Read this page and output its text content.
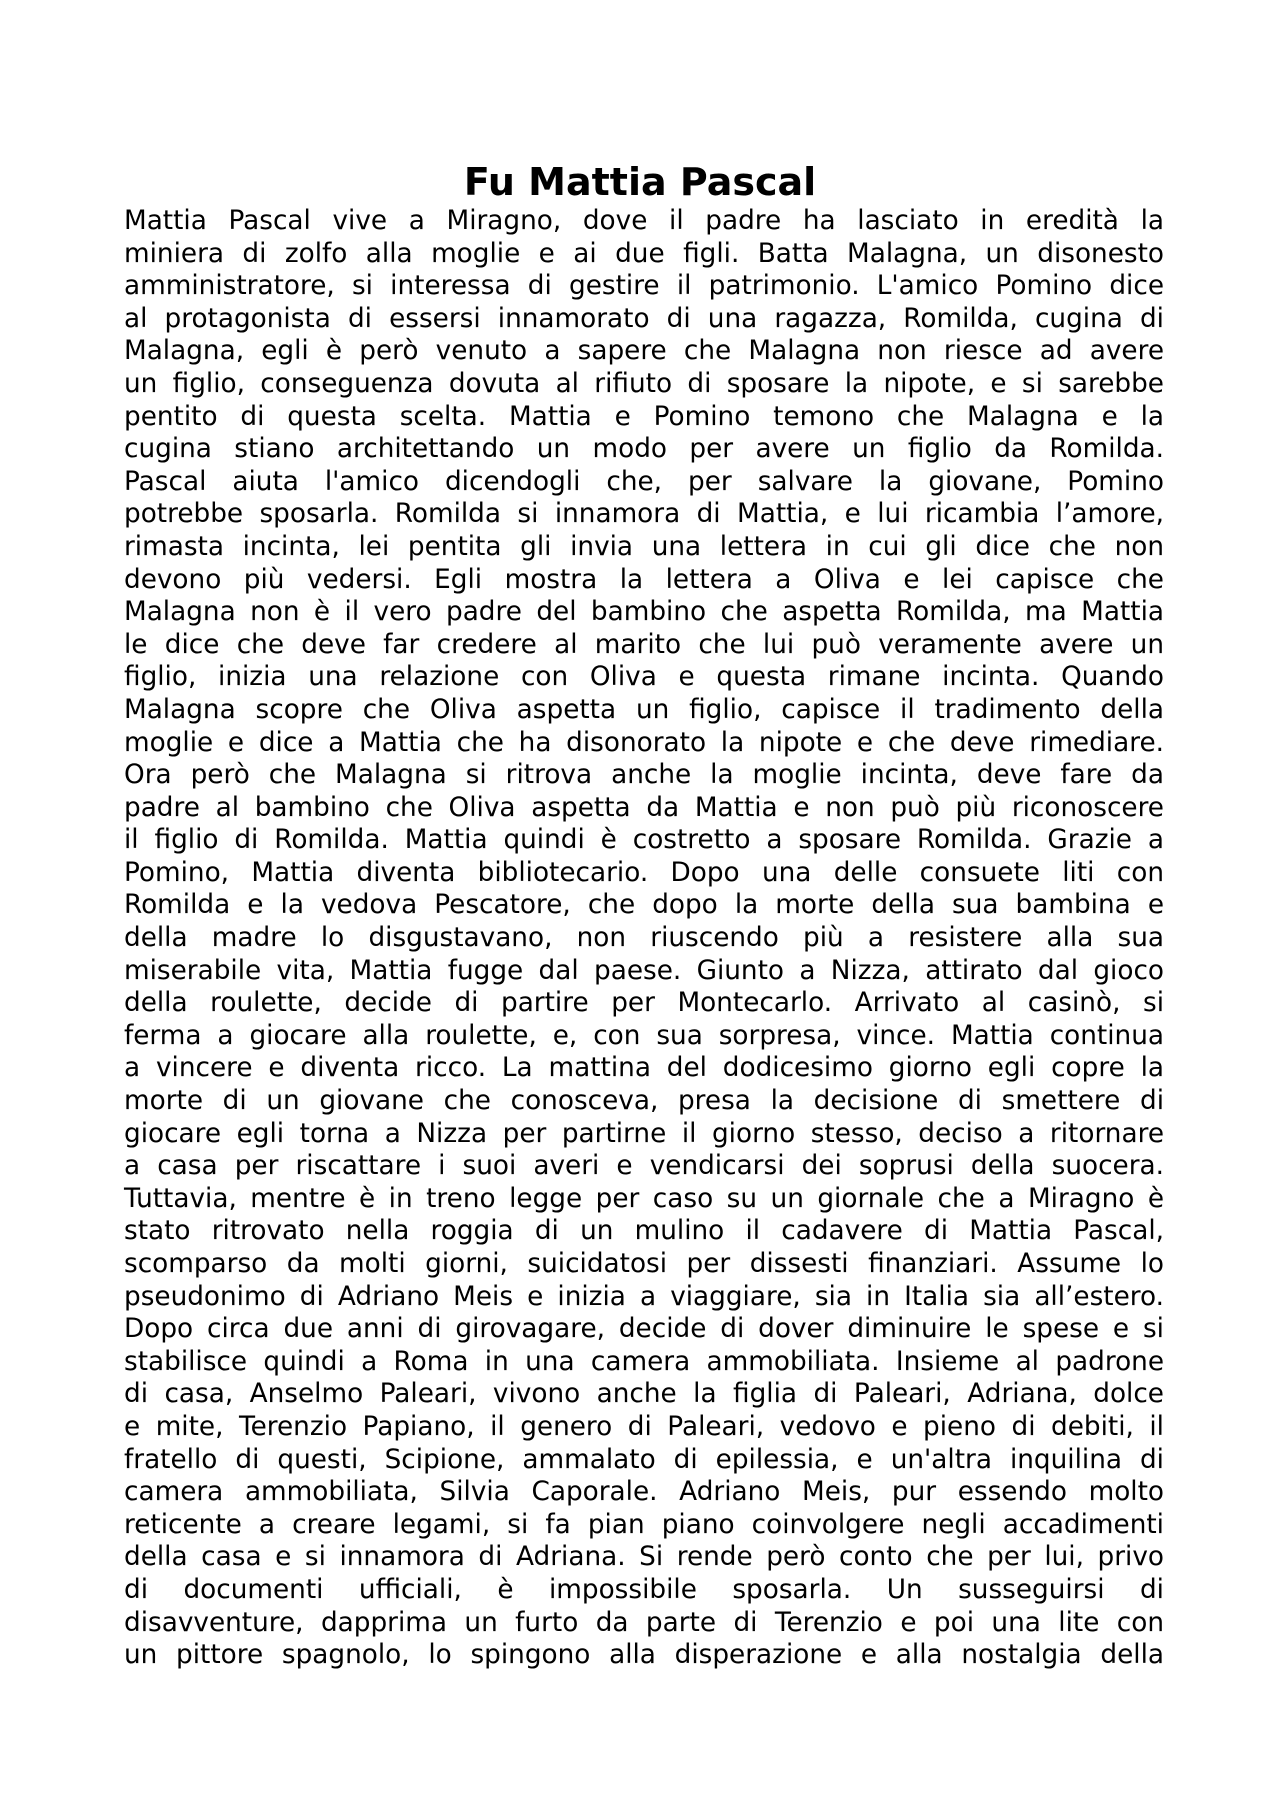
Fu Mattia Pascal
Mattia Pascal vive a Miragno, dove il padre ha lasciato in eredità la
miniera di zolfo alla moglie e ai due figli. Batta Malagna, un disonesto
amministratore, si interessa di gestire il patrimonio. L'amico Pomino dice
al protagonista di essersi innamorato di una ragazza, Romilda, cugina di
Malagna, egli è però venuto a sapere che Malagna non riesce ad avere
un figlio, conseguenza dovuta al rifiuto di sposare la nipote, e si sarebbe
pentito di questa scelta. Mattia e Pomino temono che Malagna e la
cugina stiano architettando un modo per avere un figlio da Romilda.
Pascal aiuta l'amico dicendogli che, per salvare la giovane, Pomino
potrebbe sposarla. Romilda si innamora di Mattia, e lui ricambia l’amore,
rimasta incinta, lei pentita gli invia una lettera in cui gli dice che non
devono più vedersi. Egli mostra la lettera a Oliva e lei capisce che
Malagna non è il vero padre del bambino che aspetta Romilda, ma Mattia
le dice che deve far credere al marito che lui può veramente avere un
figlio, inizia una relazione con Oliva e questa rimane incinta. Quando
Malagna scopre che Oliva aspetta un figlio, capisce il tradimento della
moglie e dice a Mattia che ha disonorato la nipote e che deve rimediare.
Ora però che Malagna si ritrova anche la moglie incinta, deve fare da
padre al bambino che Oliva aspetta da Mattia e non può più riconoscere
il figlio di Romilda. Mattia quindi è costretto a sposare Romilda. Grazie a
Pomino, Mattia diventa bibliotecario. Dopo una delle consuete liti con
Romilda e la vedova Pescatore, che dopo la morte della sua bambina e
della madre lo disgustavano, non riuscendo più a resistere alla sua
miserabile vita, Mattia fugge dal paese. Giunto a Nizza, attirato dal gioco
della roulette, decide di partire per Montecarlo. Arrivato al casinò, si
ferma a giocare alla roulette, e, con sua sorpresa, vince. Mattia continua
a vincere e diventa ricco. La mattina del dodicesimo giorno egli copre la
morte di un giovane che conosceva, presa la decisione di smettere di
giocare egli torna a Nizza per partirne il giorno stesso, deciso a ritornare
a casa per riscattare i suoi averi e vendicarsi dei soprusi della suocera.
Tuttavia, mentre è in treno legge per caso su un giornale che a Miragno è
stato ritrovato nella roggia di un mulino il cadavere di Mattia Pascal,
scomparso da molti giorni, suicidatosi per dissesti finanziari. Assume lo
pseudonimo di Adriano Meis e inizia a viaggiare, sia in Italia sia all’estero.
Dopo circa due anni di girovagare, decide di dover diminuire le spese e si
stabilisce quindi a Roma in una camera ammobiliata. Insieme al padrone
di casa, Anselmo Paleari, vivono anche la figlia di Paleari, Adriana, dolce
e mite, Terenzio Papiano, il genero di Paleari, vedovo e pieno di debiti, il
fratello di questi, Scipione, ammalato di epilessia, e un'altra inquilina di
camera ammobiliata, Silvia Caporale. Adriano Meis, pur essendo molto
reticente a creare legami, si fa pian piano coinvolgere negli accadimenti
della casa e si innamora di Adriana. Si rende però conto che per lui, privo
di documenti ufficiali, è impossibile sposarla. Un susseguirsi di
disavventure, dapprima un furto da parte di Terenzio e poi una lite con
un pittore spagnolo, lo spingono alla disperazione e alla nostalgia della
